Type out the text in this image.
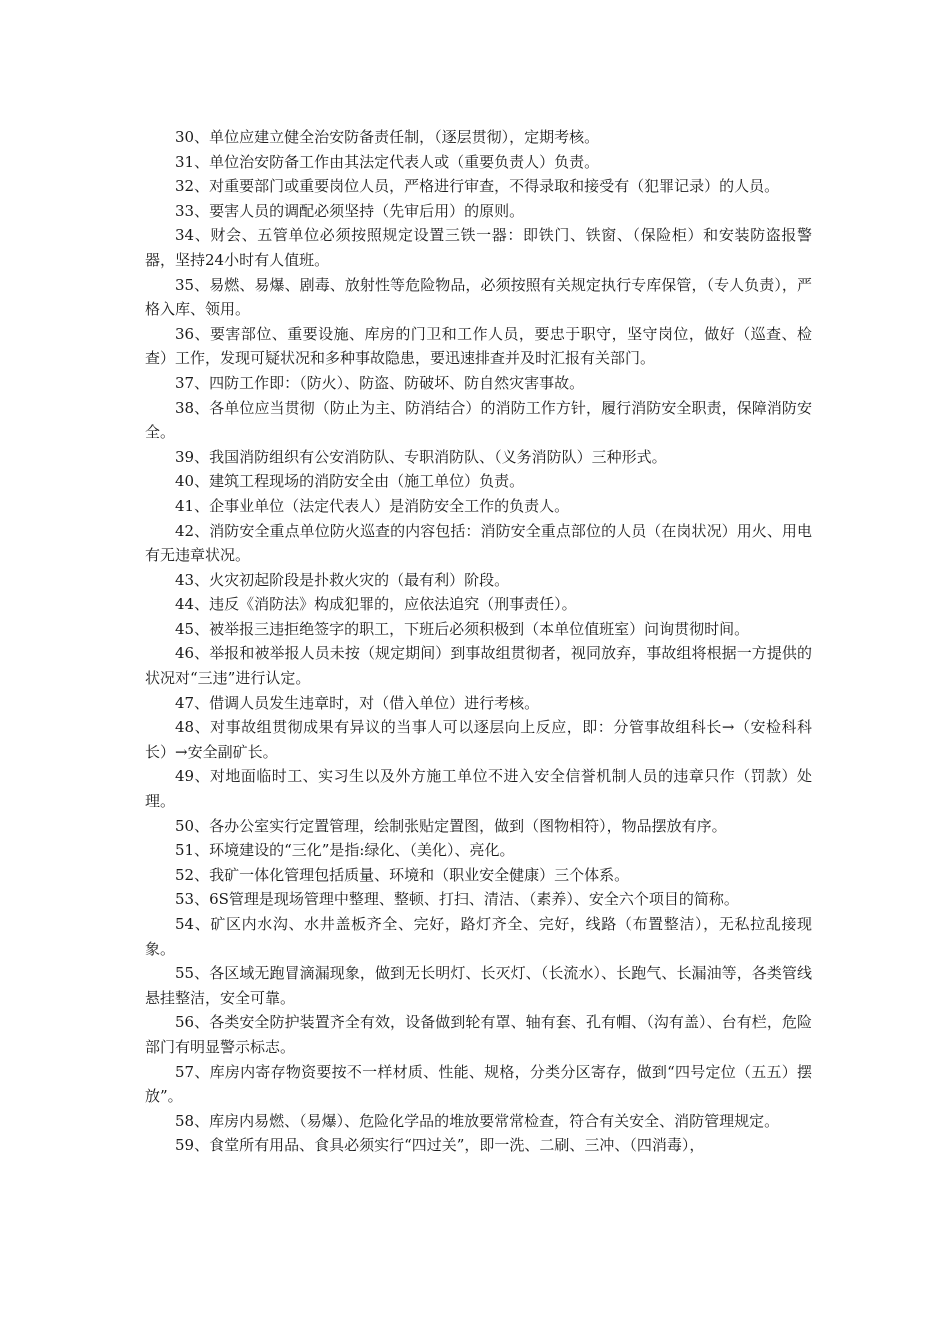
30、单位应建立健全治安防备责任制，（逐层贯彻），定期考核。

31、单位治安防备工作由其法定代表人或（重要负责人）负责。

32、对重要部门或重要岗位人员，严格进行审查，不得录取和接受有（犯罪记录）的人员。

33、要害人员的调配必须坚持（先审后用）的原则。

34、财会、五管单位必须按照规定设置三铁一器：即铁门、铁窗、（保险柜）和安装防盗报警器，坚持24小时有人值班。

35、易燃、易爆、剧毒、放射性等危险物品，必须按照有关规定执行专库保管，（专人负责），严格入库、领用。

36、要害部位、重要设施、库房的门卫和工作人员，要忠于职守，坚守岗位，做好（巡查、检查）工作，发现可疑状况和多种事故隐患，要迅速排查并及时汇报有关部门。

37、四防工作即：（防火）、防盗、防破坏、防自然灾害事故。

38、各单位应当贯彻（防止为主、防消结合）的消防工作方针，履行消防安全职责，保障消防安全。

39、我国消防组织有公安消防队、专职消防队、（义务消防队）三种形式。

40、建筑工程现场的消防安全由（施工单位）负责。

41、企事业单位（法定代表人）是消防安全工作的负责人。

42、消防安全重点单位防火巡查的内容包括：消防安全重点部位的人员（在岗状况）用火、用电有无违章状况。

43、火灾初起阶段是扑救火灾的（最有利）阶段。

44、违反《消防法》构成犯罪的，应依法追究（刑事责任）。

45、被举报三违拒绝签字的职工，下班后必须积极到（本单位值班室）问询贯彻时间。

46、举报和被举报人员未按（规定期间）到事故组贯彻者，视同放弃，事故组将根据一方提供的状况对“三违”进行认定。

47、借调人员发生违章时，对（借入单位）进行考核。

48、对事故组贯彻成果有异议的当事人可以逐层向上反应，即：分管事故组科长→（安检科科长）→安全副矿长。

49、对地面临时工、实习生以及外方施工单位不进入安全信誉机制人员的违章只作（罚款）处理。

50、各办公室实行定置管理，绘制张贴定置图，做到（图物相符），物品摆放有序。

51、环境建设的“三化”是指:绿化、（美化）、亮化。

52、我矿一体化管理包括质量、环境和（职业安全健康）三个体系。

53、6S管理是现场管理中整理、整顿、打扫、清洁、（素养）、安全六个项目的简称。

54、矿区内水沟、水井盖板齐全、完好，路灯齐全、完好，线路（布置整洁），无私拉乱接现象。

55、各区域无跑冒滴漏现象，做到无长明灯、长灭灯、（长流水）、长跑气、长漏油等，各类管线悬挂整洁，安全可靠。

56、各类安全防护装置齐全有效，设备做到轮有罩、轴有套、孔有帽、（沟有盖）、台有栏，危险部门有明显警示标志。

57、库房内寄存物资要按不一样材质、性能、规格，分类分区寄存，做到“四号定位（五五）摆放”。

58、库房内易燃、（易爆）、危险化学品的堆放要常常检查，符合有关安全、消防管理规定。

59、食堂所有用品、食具必须实行“四过关”，即一洗、二刷、三冲、（四消毒），
